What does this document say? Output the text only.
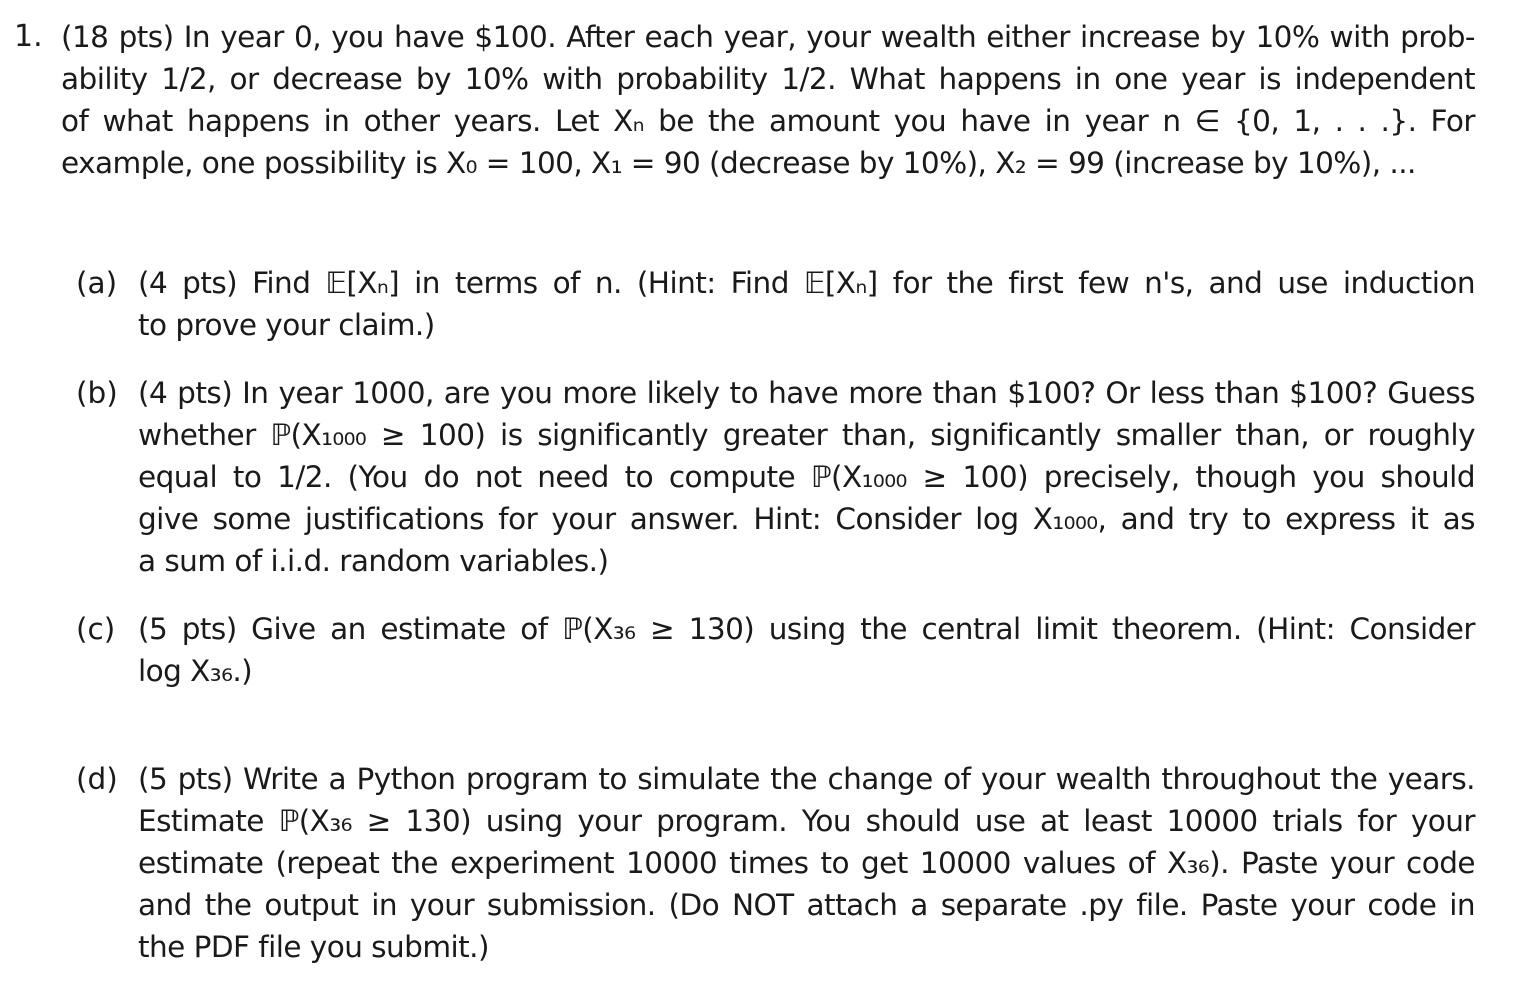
1. (18 pts) In year 0, you have $100. After each year, your wealth either increase by 10% with prob-
ability 1/2, or decrease by 10% with probability 1/2. What happens in one year is independent
of what happens in other years. Let Xₙ be the amount you have in year n ∈ {0, 1, . . .}. For
example, one possibility is X₀ = 100, X₁ = 90 (decrease by 10%), X₂ = 99 (increase by 10%), ...
(a) (4 pts) Find 𝔼[Xₙ] in terms of n. (Hint: Find 𝔼[Xₙ] for the first few n's, and use induction
to prove your claim.)
(b) (4 pts) In year 1000, are you more likely to have more than $100? Or less than $100? Guess
whether ℙ(X₁₀₀₀ ≥ 100) is significantly greater than, significantly smaller than, or roughly
equal to 1/2. (You do not need to compute ℙ(X₁₀₀₀ ≥ 100) precisely, though you should
give some justifications for your answer. Hint: Consider log X₁₀₀₀, and try to express it as
a sum of i.i.d. random variables.)
(c) (5 pts) Give an estimate of ℙ(X₃₆ ≥ 130) using the central limit theorem. (Hint: Consider
log X₃₆.)
(d) (5 pts) Write a Python program to simulate the change of your wealth throughout the years.
Estimate ℙ(X₃₆ ≥ 130) using your program. You should use at least 10000 trials for your
estimate (repeat the experiment 10000 times to get 10000 values of X₃₆). Paste your code
and the output in your submission. (Do NOT attach a separate .py file. Paste your code in
the PDF file you submit.)
